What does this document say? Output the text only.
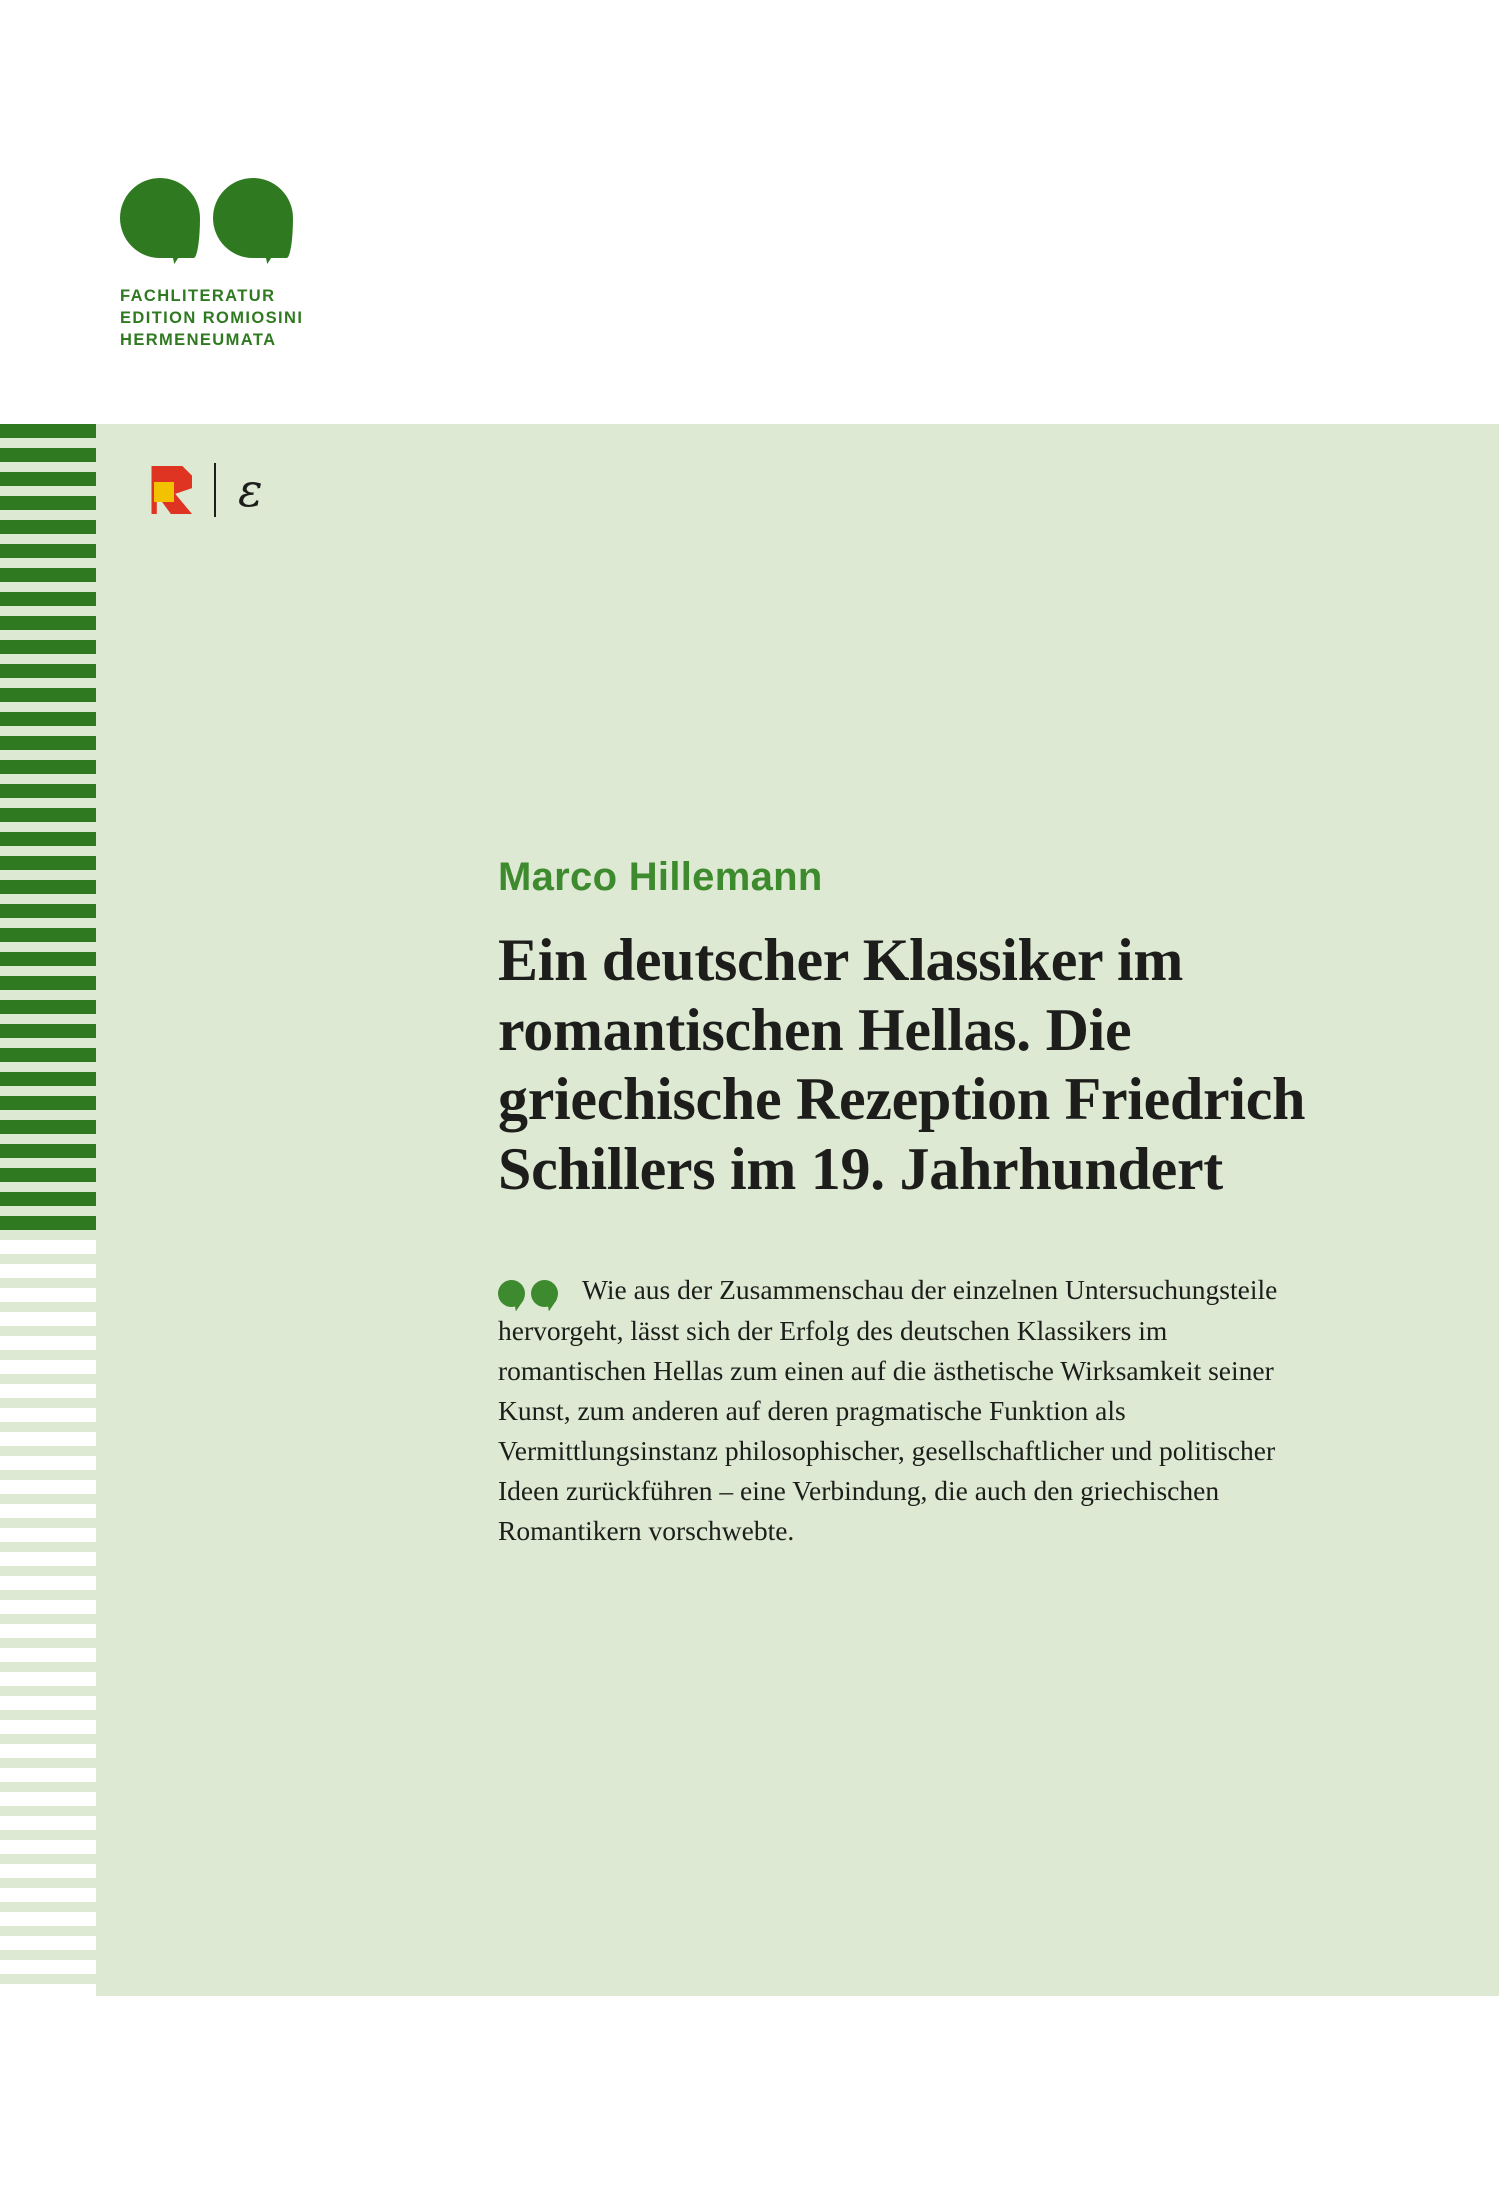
FACHLITERATUR
EDITION ROMIOSINI
HERMENEUMATA
ε

Marco Hillemann

Ein deutscher Klassiker im romantischen Hellas. Die griechische Rezeption Friedrich Schillers im 19. Jahrhundert

Wie aus der Zusammenschau der einzelnen Untersuchungsteile hervorgeht, lässt sich der Erfolg des deutschen Klassikers im romantischen Hellas zum einen auf die ästhetische Wirksamkeit seiner Kunst, zum anderen auf deren pragmatische Funktion als Vermittlungsinstanz philosophischer, gesellschaftlicher und politischer Ideen zurückführen – eine Verbindung, die auch den griechischen Romantikern vorschwebte.
